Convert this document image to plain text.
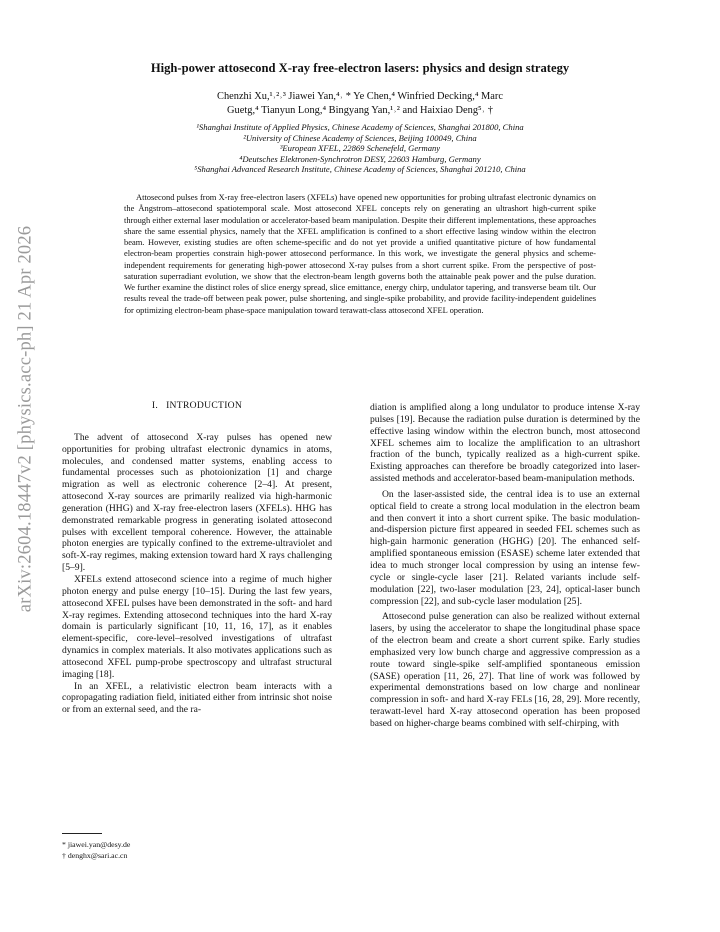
arXiv:2604.18447v2 [physics.acc-ph] 21 Apr 2026
High-power attosecond X-ray free-electron lasers: physics and design strategy
Chenzhi Xu,¹˒²˒³ Jiawei Yan,⁴˒ * Ye Chen,⁴ Winfried Decking,⁴ Marc
Guetg,⁴ Tianyun Long,⁴ Bingyang Yan,¹˒² and Haixiao Deng⁵˒ †
¹Shanghai Institute of Applied Physics, Chinese Academy of Sciences, Shanghai 201800, China
²University of Chinese Academy of Sciences, Beijing 100049, China
³European XFEL, 22869 Schenefeld, Germany
⁴Deutsches Elektronen-Synchrotron DESY, 22603 Hamburg, Germany
⁵Shanghai Advanced Research Institute, Chinese Academy of Sciences, Shanghai 201210, China

Attosecond pulses from X-ray free-electron lasers (XFELs) have opened new opportunities for probing ultrafast electronic dynamics on the Ångstrom–attosecond spatiotemporal scale. Most attosecond XFEL concepts rely on generating an ultrashort high-current spike through either external laser modulation or accelerator-based beam manipulation. Despite their different implementations, these approaches share the same essential physics, namely that the XFEL amplification is confined to a short effective lasing window within the electron beam. However, existing studies are often scheme-specific and do not yet provide a unified quantitative picture of how fundamental electron-beam properties constrain high-power attosecond performance. In this work, we investigate the general physics and scheme-independent requirements for generating high-power attosecond X-ray pulses from a short current spike. From the perspective of post-saturation superradiant evolution, we show that the electron-beam length governs both the attainable peak power and the pulse duration. We further examine the distinct roles of slice energy spread, slice emittance, energy chirp, undulator tapering, and transverse beam tilt. Our results reveal the trade-off between peak power, pulse shortening, and single-spike probability, and provide facility-independent guidelines for optimizing electron-beam phase-space manipulation toward terawatt-class attosecond XFEL operation.

I. INTRODUCTION

The advent of attosecond X-ray pulses has opened new opportunities for probing ultrafast electronic dynamics in atoms, molecules, and condensed matter systems, enabling access to fundamental processes such as photoionization [1] and charge migration as well as electronic coherence [2–4]. At present, attosecond X-ray sources are primarily realized via high-harmonic generation (HHG) and X-ray free-electron lasers (XFELs). HHG has demonstrated remarkable progress in generating isolated attosecond pulses with excellent temporal coherence. However, the attainable photon energies are typically confined to the extreme-ultraviolet and soft-X-ray regimes, making extension toward hard X rays challenging [5–9].

XFELs extend attosecond science into a regime of much higher photon energy and pulse energy [10–15]. During the last few years, attosecond XFEL pulses have been demonstrated in the soft- and hard X-ray regimes. Extending attosecond techniques into the hard X-ray domain is particularly significant [10, 11, 16, 17], as it enables element-specific, core-level–resolved investigations of ultrafast dynamics in complex materials. It also motivates applications such as attosecond XFEL pump-probe spectroscopy and ultrafast structural imaging [18].

In an XFEL, a relativistic electron beam interacts with a copropagating radiation field, initiated either from intrinsic shot noise or from an external seed, and the ra-

diation is amplified along a long undulator to produce intense X-ray pulses [19]. Because the radiation pulse duration is determined by the effective lasing window within the electron bunch, most attosecond XFEL schemes aim to localize the amplification to an ultrashort fraction of the bunch, typically realized as a high-current spike. Existing approaches can therefore be broadly categorized into laser-assisted methods and accelerator-based beam-manipulation methods.

On the laser-assisted side, the central idea is to use an external optical field to create a strong local modulation in the electron beam and then convert it into a short current spike. The basic modulation-and-dispersion picture first appeared in seeded FEL schemes such as high-gain harmonic generation (HGHG) [20]. The enhanced self-amplified spontaneous emission (ESASE) scheme later extended that idea to much stronger local compression by using an intense few-cycle or single-cycle laser [21]. Related variants include self-modulation [22], two-laser modulation [23, 24], optical-laser bunch compression [22], and sub-cycle laser modulation [25].

Attosecond pulse generation can also be realized without external lasers, by using the accelerator to shape the longitudinal phase space of the electron beam and create a short current spike. Early studies emphasized very low bunch charge and aggressive compression as a route toward single-spike self-amplified spontaneous emission (SASE) operation [11, 26, 27]. That line of work was followed by experimental demonstrations based on low charge and nonlinear compression in soft- and hard X-ray FELs [16, 28, 29]. More recently, terawatt-level hard X-ray attosecond operation has been proposed based on higher-charge beams combined with self-chirping, with

* jiawei.yan@desy.de
† denghx@sari.ac.cn
